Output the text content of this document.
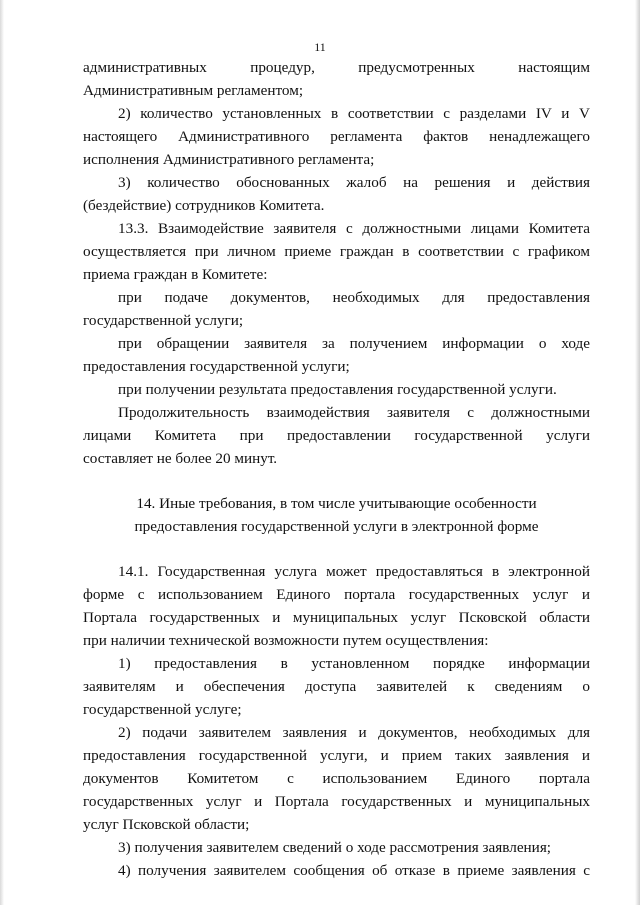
11
административных процедур, предусмотренных настоящим
Административным регламентом;
2) количество установленных в соответствии с разделами IV и V
настоящего Административного регламента фактов ненадлежащего
исполнения Административного регламента;
3) количество обоснованных жалоб на решения и действия
(бездействие) сотрудников Комитета.
13.3. Взаимодействие заявителя с должностными лицами Комитета
осуществляется при личном приеме граждан в соответствии с графиком
приема граждан в Комитете:
при подаче документов, необходимых для предоставления
государственной услуги;
при обращении заявителя за получением информации о ходе
предоставления государственной услуги;
при получении результата предоставления государственной услуги.
Продолжительность взаимодействия заявителя с должностными
лицами Комитета при предоставлении государственной услуги
составляет не более 20 минут.
14. Иные требования, в том числе учитывающие особенности
предоставления государственной услуги в электронной форме
14.1. Государственная услуга может предоставляться в электронной
форме с использованием Единого портала государственных услуг и
Портала государственных и муниципальных услуг Псковской области
при наличии технической возможности путем осуществления:
1) предоставления в установленном порядке информации
заявителям и обеспечения доступа заявителей к сведениям о
государственной услуге;
2) подачи заявителем заявления и документов, необходимых для
предоставления государственной услуги, и прием таких заявления и
документов Комитетом с использованием Единого портала
государственных услуг и Портала государственных и муниципальных
услуг Псковской области;
3) получения заявителем сведений о ходе рассмотрения заявления;
4) получения заявителем сообщения об отказе в приеме заявления с
